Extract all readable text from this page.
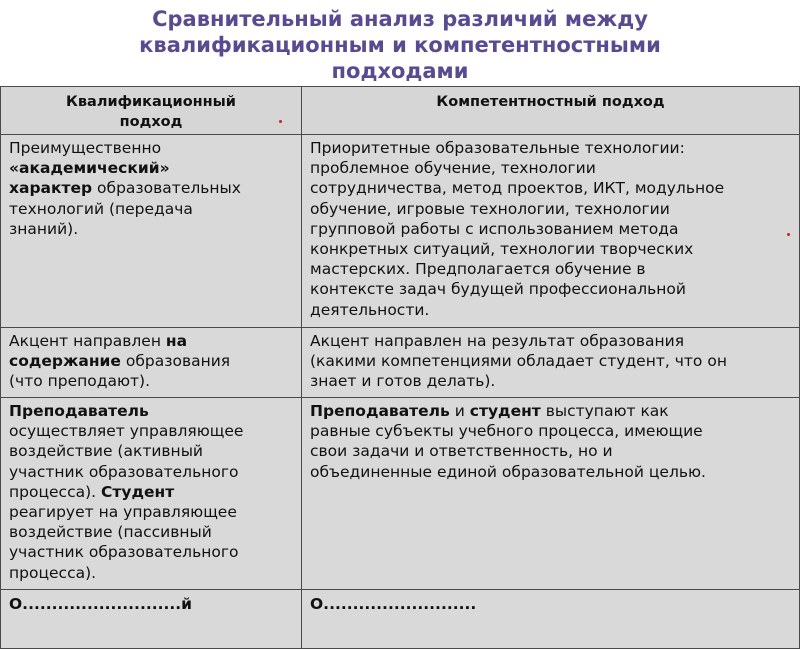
Сравнительный анализ различий между
квалификационным и компетентностными
подходами
Квалификационный
подход
Компетентностный подход
Преимущественно
«академический»
характер образовательных
технологий (передача
знаний).
Приоритетные образовательные технологии:
проблемное обучение, технологии
сотрудничества, метод проектов, ИКТ, модульное
обучение, игровые технологии, технологии
групповой работы с использованием метода
конкретных ситуаций, технологии творческих
мастерских. Предполагается обучение в
контексте задач будущей профессиональной
деятельности.
Акцент направлен на
содержание образования
(что преподают).
Акцент направлен на результат образования
(какими компетенциями обладает студент, что он
знает и готов делать).
Преподаватель
осуществляет управляющее
воздействие (активный
участник образовательного
процесса). Студент
реагирует на управляющее
воздействие (пассивный
участник образовательного
процесса).
Преподаватель и студент выступают как
равные субъекты учебного процесса, имеющие
свои задачи и ответственность, но и
объединенные единой образовательной целью.
О...........................й	О..........................
